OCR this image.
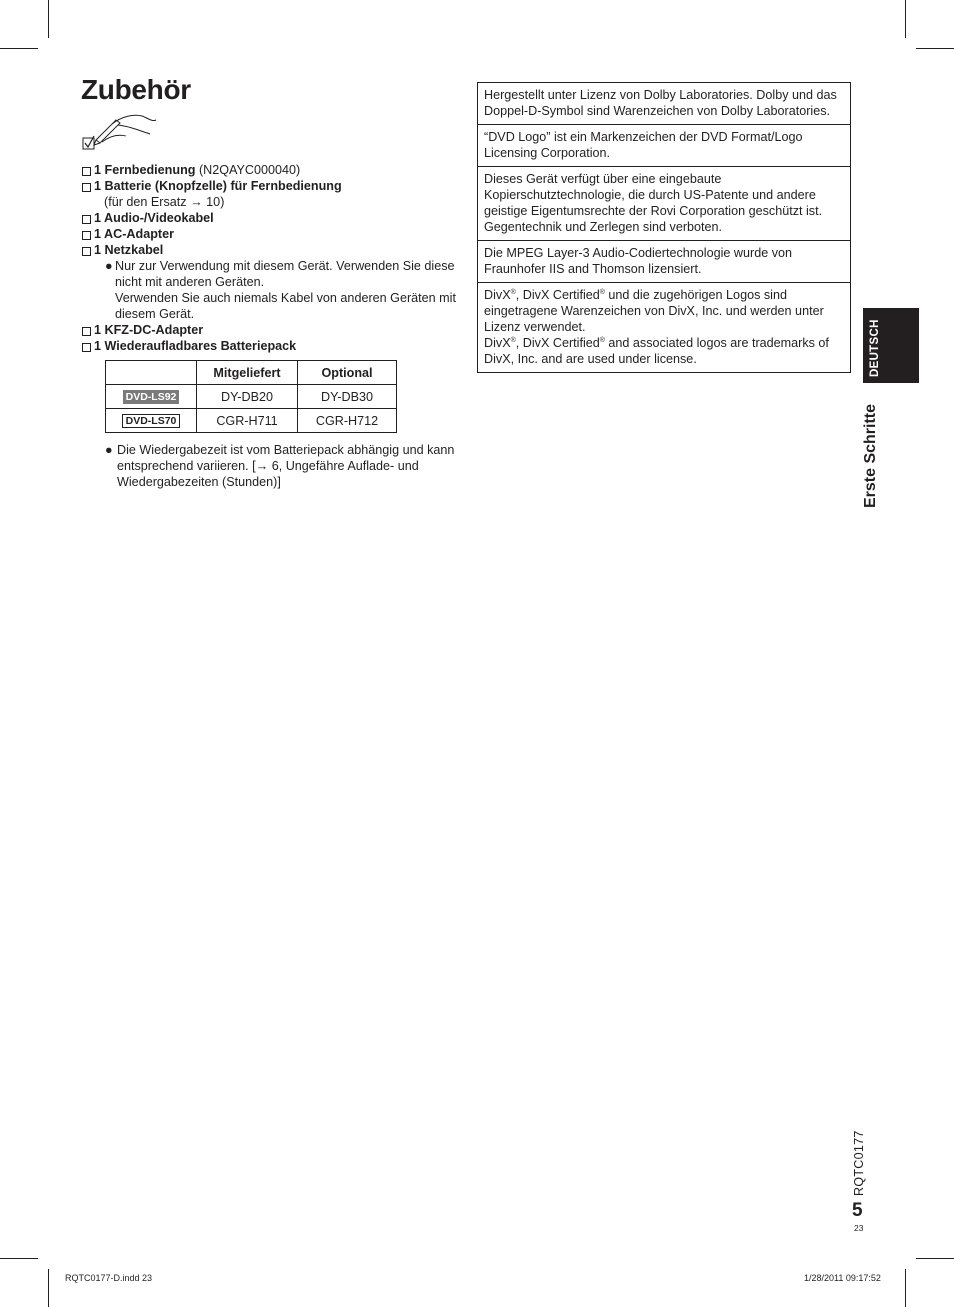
Zubehör

1 Fernbedienung (N2QAYC000040)

1 Batterie (Knopfzelle) für Fernbedienung

(für den Ersatz → 10)

1 Audio-/Videokabel

1 AC-Adapter

1 Netzkabel

● Nur zur Verwendung mit diesem Gerät. Verwenden Sie diese nicht mit anderen Geräten.
Verwenden Sie auch niemals Kabel von anderen Geräten mit diesem Gerät.

1 KFZ-DC-Adapter

1 Wiederaufladbares Batteriepack

	Mitgeliefert	Optional
DVD-LS92	DY-DB20	DY-DB30
DVD-LS70	CGR-H711	CGR-H712

● Die Wiedergabezeit ist vom Batteriepack abhängig und kann entsprechend variieren. [→ 6, Ungefähre Auflade- und Wiedergabezeiten (Stunden)]

Hergestellt unter Lizenz von Dolby Laboratories. Dolby und das Doppel-D-Symbol sind Warenzeichen von Dolby Laboratories.
“DVD Logo” ist ein Markenzeichen der DVD Format/Logo Licensing Corporation.
Dieses Gerät verfügt über eine eingebaute Kopierschutztechnologie, die durch US-Patente und andere geistige Eigentumsrechte der Rovi Corporation geschützt ist. Gegentechnik und Zerlegen sind verboten.
Die MPEG Layer-3 Audio-Codiertechnologie wurde von Fraunhofer IIS and Thomson lizensiert.
DivX®, DivX Certified® und die zugehörigen Logos sind eingetragene Warenzeichen von DivX, Inc. und werden unter Lizenz verwendet.
DivX®, DivX Certified® and associated logos are trademarks of DivX, Inc. and are used under license.	DEUTSCH
Erste Schritte
RQTC0177
5
23
RQTC0177-D.indd 23	1/28/2011 09:17:52
